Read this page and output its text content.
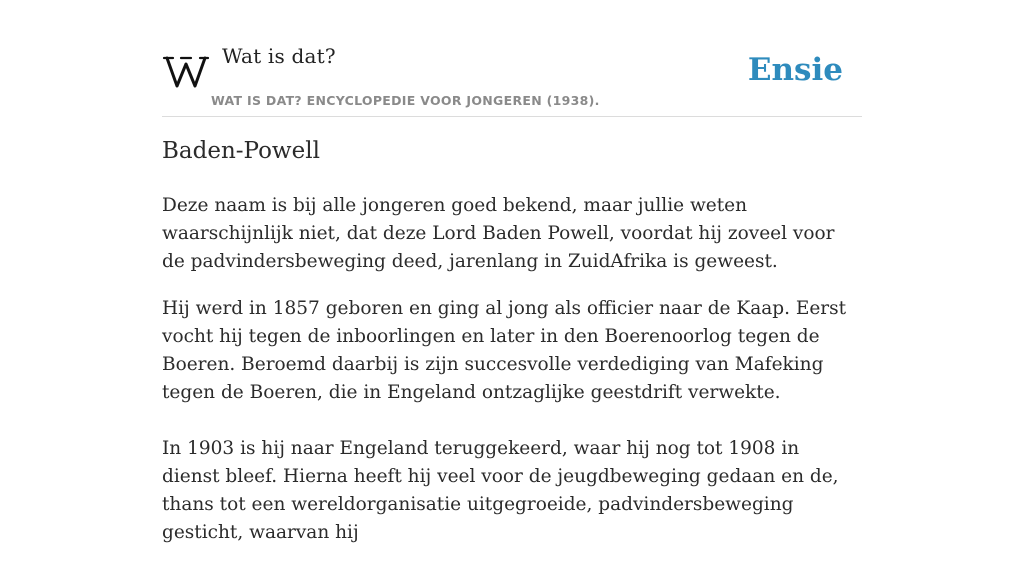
Wat is dat?
WAT IS DAT? ENCYCLOPEDIE VOOR JONGEREN (1938).
Ensie
Baden-Powell

Deze naam is bij alle jongeren goed bekend, maar jullie weten waarschijnlijk niet, dat deze Lord Baden Powell, voordat hij zoveel voor de padvindersbeweging deed, jarenlang in ZuidAfrika is geweest.

Hij werd in 1857 geboren en ging al jong als officier naar de Kaap. Eerst vocht hij tegen de inboorlingen en later in den Boerenoorlog tegen de Boeren. Beroemd daarbij is zijn succesvolle verdediging van Mafeking tegen de Boeren, die in Engeland ontzaglijke geestdrift verwekte.

In 1903 is hij naar Engeland teruggekeerd, waar hij nog tot 1908 in dienst bleef. Hierna heeft hij veel voor de jeugdbeweging gedaan en de, thans tot een wereldorganisatie uitgegroeide, padvindersbeweging gesticht, waarvan hij
